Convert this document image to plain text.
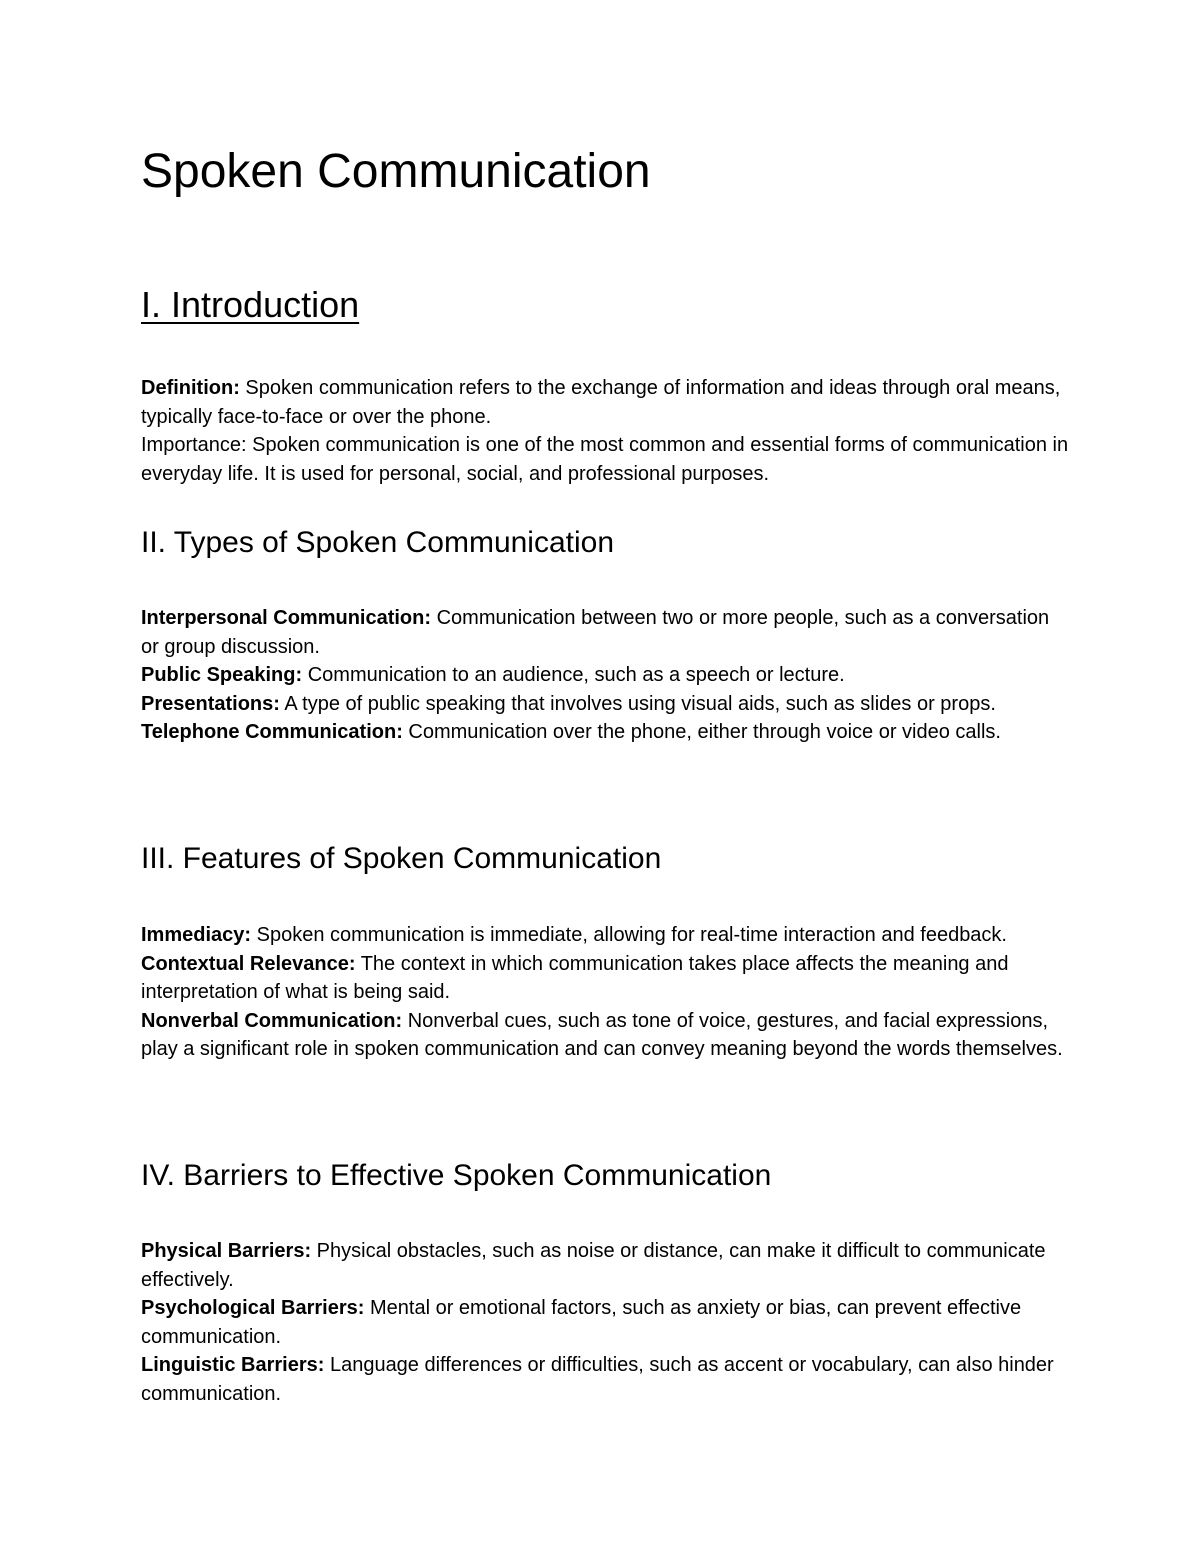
Spoken Communication
I. Introduction

Definition: Spoken communication refers to the exchange of information and ideas through oral means, typically face-to-face or over the phone.

Importance: Spoken communication is one of the most common and essential forms of communication in everyday life. It is used for personal, social, and professional purposes.

II. Types of Spoken Communication

Interpersonal Communication: Communication between two or more people, such as a conversation or group discussion.

Public Speaking: Communication to an audience, such as a speech or lecture.

Presentations: A type of public speaking that involves using visual aids, such as slides or props.

Telephone Communication: Communication over the phone, either through voice or video calls.

III. Features of Spoken Communication

Immediacy: Spoken communication is immediate, allowing for real-time interaction and feedback.

Contextual Relevance: The context in which communication takes place affects the meaning and interpretation of what is being said.

Nonverbal Communication: Nonverbal cues, such as tone of voice, gestures, and facial expressions, play a significant role in spoken communication and can convey meaning beyond the words themselves.

IV. Barriers to Effective Spoken Communication

Physical Barriers: Physical obstacles, such as noise or distance, can make it difficult to communicate effectively.

Psychological Barriers: Mental or emotional factors, such as anxiety or bias, can prevent effective communication.

Linguistic Barriers: Language differences or difficulties, such as accent or vocabulary, can also hinder communication.
